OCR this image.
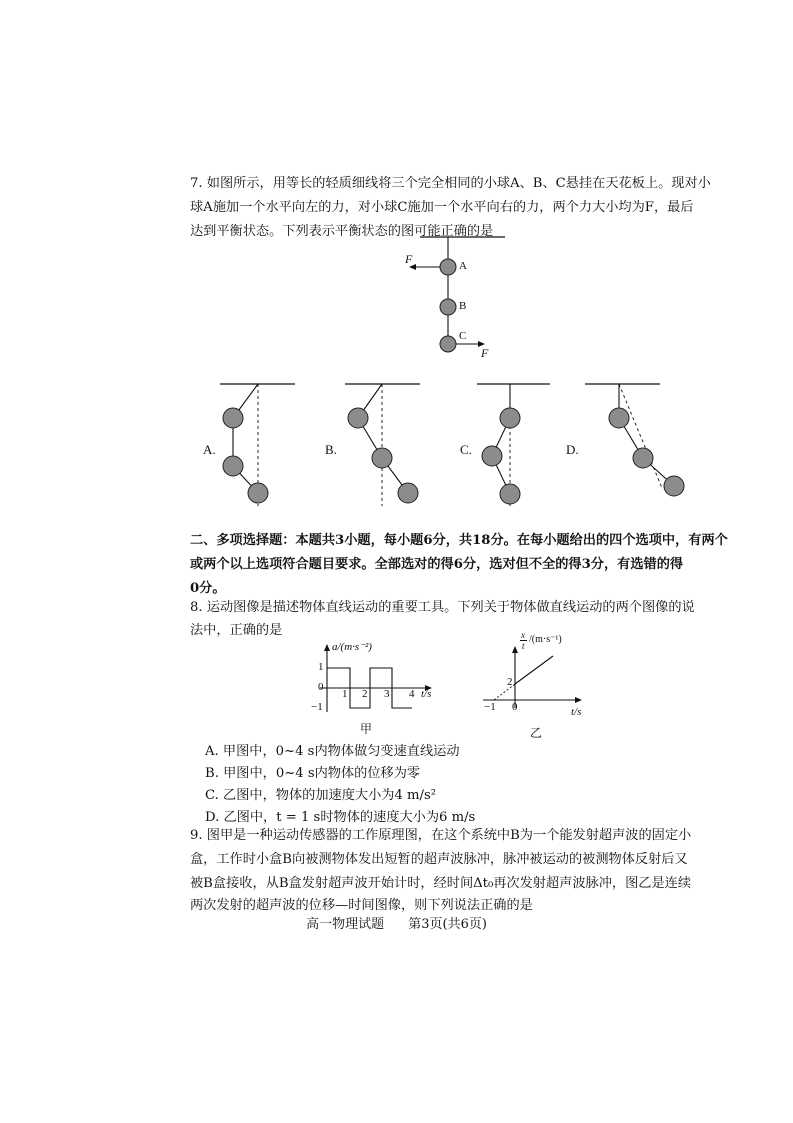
7. 如图所示，用等长的轻质细线将三个完全相同的小球A、B、C悬挂在天花板上。现对小
球A施加一个水平向左的力，对小球C施加一个水平向右的力，两个力大小均为F，最后
达到平衡状态。下列表示平衡状态的图可能正确的是
F
F
A
B
C
A.	B.	C.	D.
二、多项选择题：本题共3小题，每小题6分，共18分。在每小题给出的四个选项中，有两个
或两个以上选项符合题目要求。全部选对的得6分，选对但不全的得3分，有选错的得
0分。
8. 运动图像是描述物体直线运动的重要工具。下列关于物体做直线运动的两个图像的说
法中，正确的是
a/(m·s⁻²)
1
0
−1
1 2 3 4 t/s
甲
x
t
/(m·s⁻¹)
2
−1 0	t/s
乙
A. 甲图中，0~4 s内物体做匀变速直线运动
B. 甲图中，0~4 s内物体的位移为零
C. 乙图中，物体的加速度大小为4 m/s²
D. 乙图中，t = 1 s时物体的速度大小为6 m/s
9. 图甲是一种运动传感器的工作原理图，在这个系统中B为一个能发射超声波的固定小
盒，工作时小盒B向被测物体发出短暂的超声波脉冲，脉冲被运动的被测物体反射后又
被B盒接收，从B盒发射超声波开始计时，经时间Δt₀再次发射超声波脉冲，图乙是连续
两次发射的超声波的位移—时间图像，则下列说法正确的是
高一物理试题 第3页(共6页)
